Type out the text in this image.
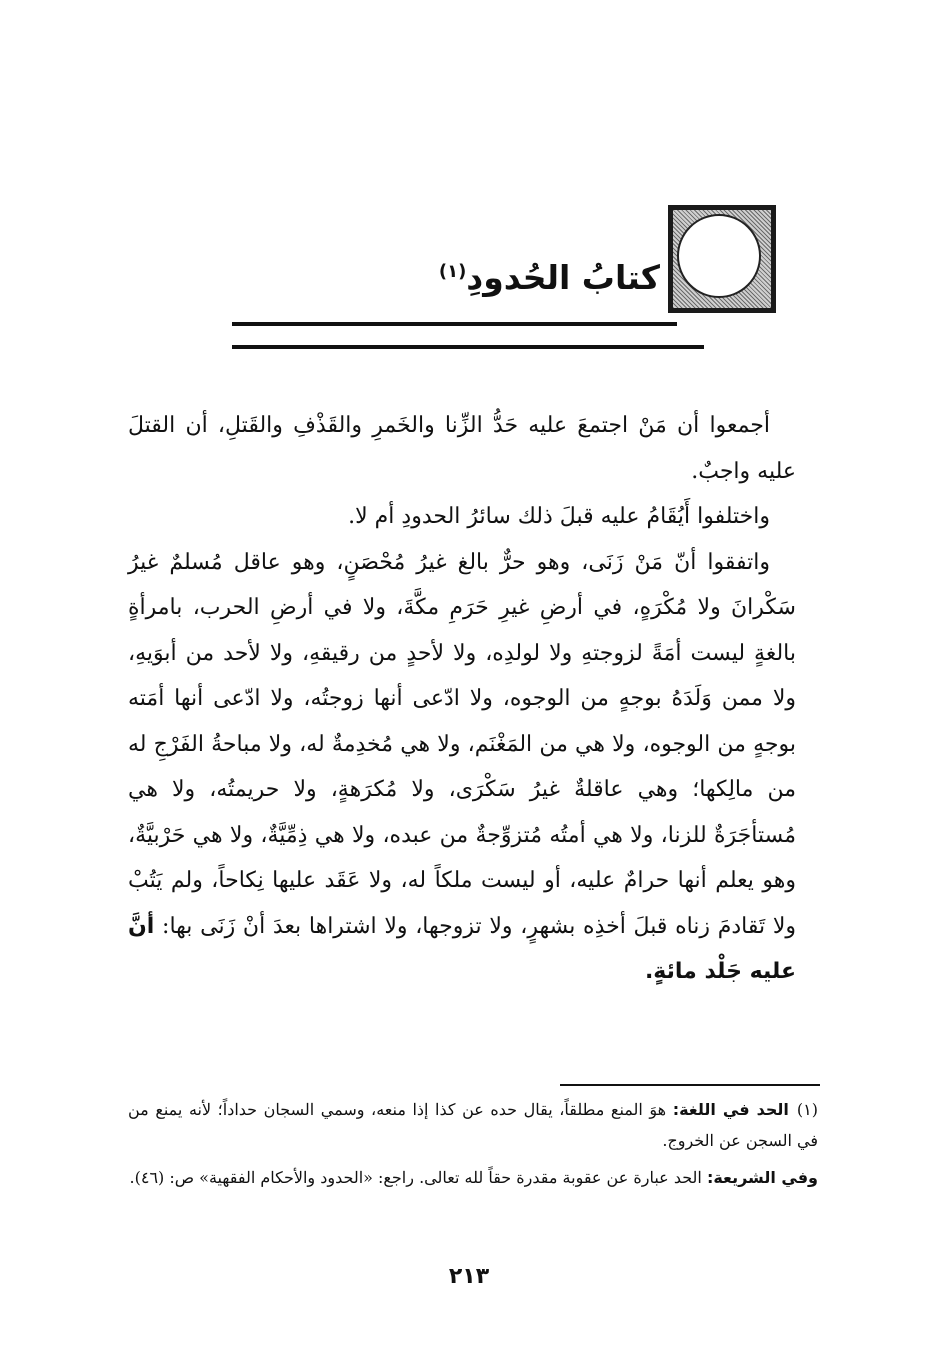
كتابُ الحُدودِ$^{(١)}$

أجمعوا أن مَنْ اجتمعَ عليه حَدُّ الزِّنا والخَمرِ والقَذْفِ والقَتلِ، أن القتلَ عليه واجبٌ.

واختلفوا أَيُقَامُ عليه قبلَ ذلك سائرُ الحدودِ أم لا.

واتفقوا أنّ مَنْ زَنَى، وهو حرٌّ بالغ غيرُ مُحْصَنٍ، وهو عاقل مُسلمٌ غيرُ سَكْرانَ ولا مُكْرَهٍ، في أرضِ غيرِ حَرَمِ مكَّةَ، ولا في أرضِ الحرب، بامرأةٍ بالغةٍ ليست أمَةً لزوجتهِ ولا لولدِه، ولا لأحدٍ من رقيقهِ، ولا لأحد من أبوَيهِ، ولا ممن وَلَدَهُ بوجهٍ من الوجوه، ولا ادّعى أنها زوجتُه، ولا ادّعى أنها أمَته بوجهٍ من الوجوه، ولا هي من المَغْنَم، ولا هي مُخدِمةٌ له، ولا مباحةُ الفَرْجِ له من مالِكها؛ وهي عاقلةٌ غيرُ سَكْرَى، ولا مُكرَهةٍ، ولا حريمتُه، ولا هي مُستأجَرَةٌ للزنا، ولا هي أمتُه مُتزوِّجةٌ من عبده، ولا هي ذِمِّيَّةٌ، ولا هي حَرْبيَّةٌ، وهو يعلم أنها حرامٌ عليه، أو ليست ملكاً له، ولا عَقَد عليها نِكاحاً، ولم يَتُبْ ولا تَقادمَ زناه قبلَ أخذِه بشهرٍ، ولا تزوجها، ولا اشتراها بعدَ أنْ زَنَى بها: أنَّ عليه جَلْد مائةٍ.

(١)الحد في اللغة: هوَ المنع مطلقاً، يقال حده عن كذا إذا منعه، وسمي السجان حداداً؛ لأنه يمنع من في السجن عن الخروج.

وفي الشريعة: الحد عبارة عن عقوبة مقدرة حقاً لله تعالى. راجع: «الحدود والأحكام الفقهية» ص: (٤٦).

٢١٣
